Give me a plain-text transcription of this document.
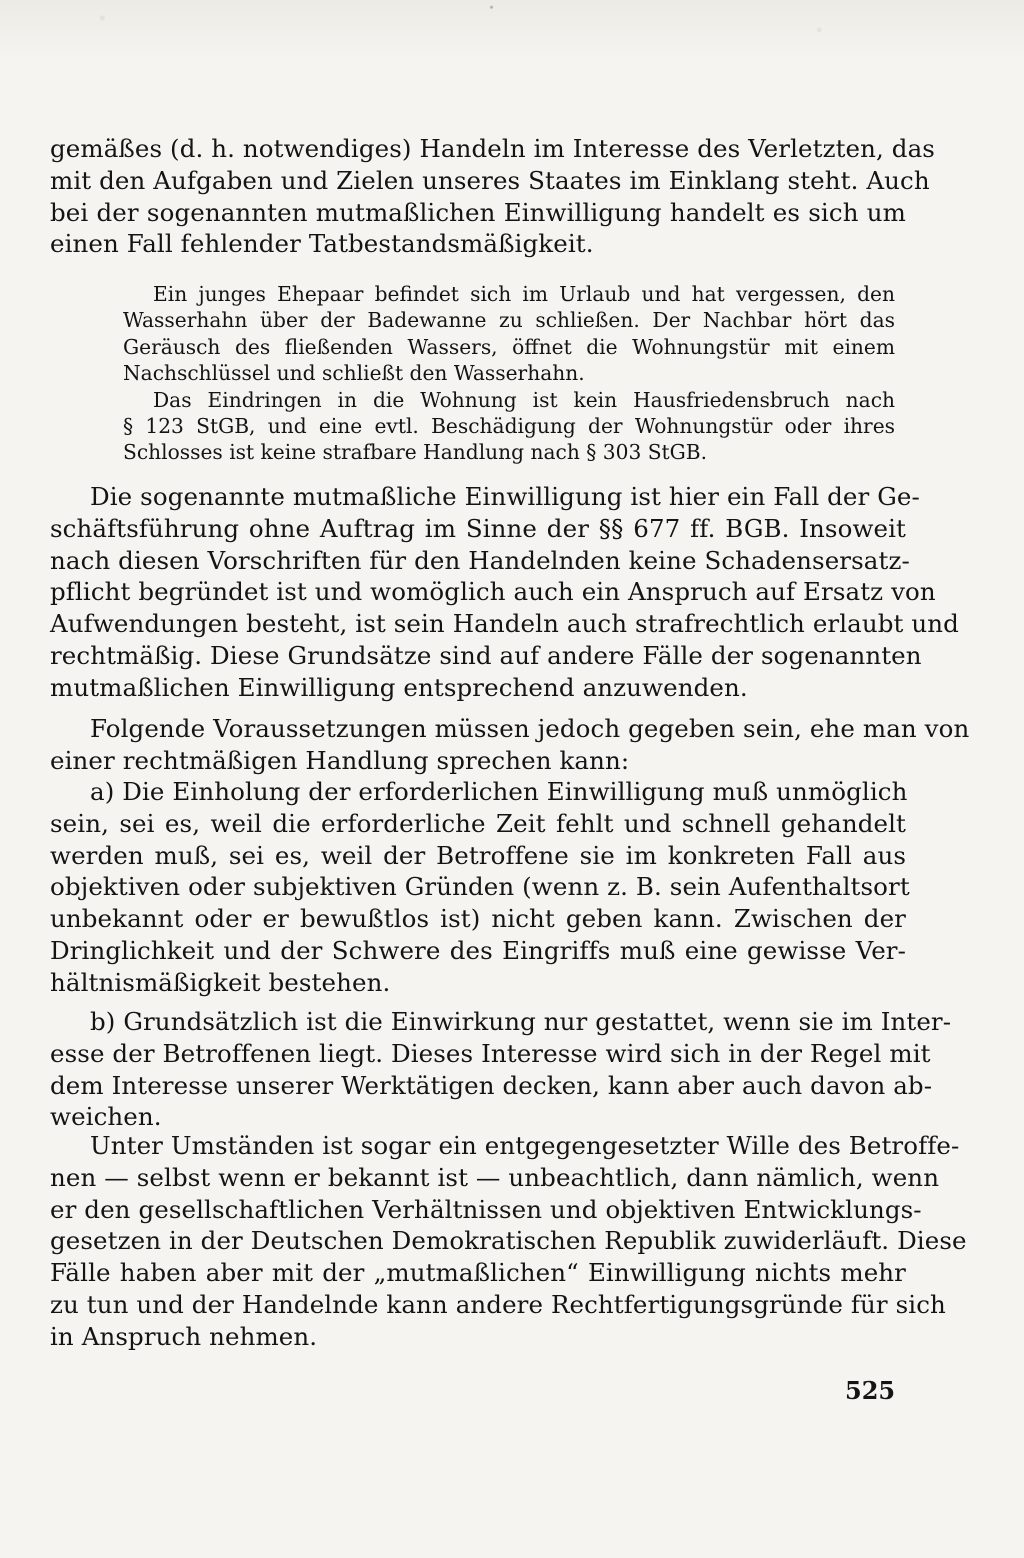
gemäßes (d. h. notwendiges) Handeln im Interesse des Verletzten, das
mit den Aufgaben und Zielen unseres Staates im Einklang steht. Auch
bei der sogenannten mutmaßlichen Einwilligung handelt es sich um
einen Fall fehlender Tatbestandsmäßigkeit.
Ein junges Ehepaar befindet sich im Urlaub und hat vergessen, den
Wasserhahn über der Badewanne zu schließen. Der Nachbar hört das
Geräusch des fließenden Wassers, öffnet die Wohnungstür mit einem
Nachschlüssel und schließt den Wasserhahn.
Das Eindringen in die Wohnung ist kein Hausfriedensbruch nach
§ 123 StGB, und eine evtl. Beschädigung der Wohnungstür oder ihres
Schlosses ist keine strafbare Handlung nach § 303 StGB.
Die sogenannte mutmaßliche Einwilligung ist hier ein Fall der Ge-
schäftsführung ohne Auftrag im Sinne der §§ 677 ff. BGB. Insoweit
nach diesen Vorschriften für den Handelnden keine Schadensersatz-
pflicht begründet ist und womöglich auch ein Anspruch auf Ersatz von
Aufwendungen besteht, ist sein Handeln auch strafrechtlich erlaubt und
rechtmäßig. Diese Grundsätze sind auf andere Fälle der sogenannten
mutmaßlichen Einwilligung entsprechend anzuwenden.
Folgende Voraussetzungen müssen jedoch gegeben sein, ehe man von
einer rechtmäßigen Handlung sprechen kann:
a) Die Einholung der erforderlichen Einwilligung muß unmöglich
sein, sei es, weil die erforderliche Zeit fehlt und schnell gehandelt
werden muß, sei es, weil der Betroffene sie im konkreten Fall aus
objektiven oder subjektiven Gründen (wenn z. B. sein Aufenthaltsort
unbekannt oder er bewußtlos ist) nicht geben kann. Zwischen der
Dringlichkeit und der Schwere des Eingriffs muß eine gewisse Ver-
hältnismäßigkeit bestehen.
b) Grundsätzlich ist die Einwirkung nur gestattet, wenn sie im Inter-
esse der Betroffenen liegt. Dieses Interesse wird sich in der Regel mit
dem Interesse unserer Werktätigen decken, kann aber auch davon ab-
weichen.
Unter Umständen ist sogar ein entgegengesetzter Wille des Betroffe-
nen — selbst wenn er bekannt ist — unbeachtlich, dann nämlich, wenn
er den gesellschaftlichen Verhältnissen und objektiven Entwicklungs-
gesetzen in der Deutschen Demokratischen Republik zuwiderläuft. Diese
Fälle haben aber mit der „mutmaßlichen“ Einwilligung nichts mehr
zu tun und der Handelnde kann andere Rechtfertigungsgründe für sich
in Anspruch nehmen.
525
